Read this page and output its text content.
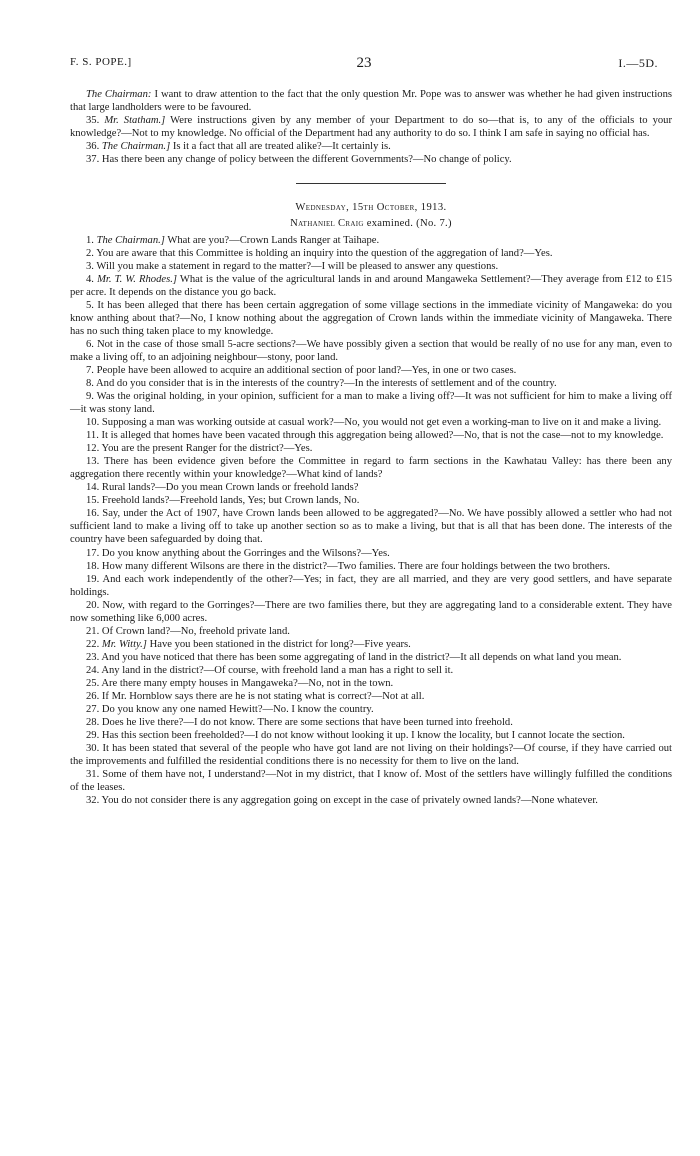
F. S. POPE.]	23	I.—5D.

The Chairman: I want to draw attention to the fact that the only question Mr. Pope was to answer was whether he had given instructions that large landholders were to be favoured.

35. Mr. Statham.] Were instructions given by any member of your Department to do so—that is, to any of the officials to your knowledge?—Not to my knowledge. No official of the Department had any authority to do so. I think I am safe in saying no official has.

36. The Chairman.] Is it a fact that all are treated alike?—It certainly is.

37. Has there been any change of policy between the different Governments?—No change of policy.

Wednesday, 15th October, 1913.

Nathaniel Craig examined. (No. 7.)

1. The Chairman.] What are you?—Crown Lands Ranger at Taihape.

2. You are aware that this Committee is holding an inquiry into the question of the aggregation of land?—Yes.

3. Will you make a statement in regard to the matter?—I will be pleased to answer any questions.

4. Mr. T. W. Rhodes.] What is the value of the agricultural lands in and around Mangaweka Settlement?—They average from £12 to £15 per acre. It depends on the distance you go back.

5. It has been alleged that there has been certain aggregation of some village sections in the immediate vicinity of Mangaweka: do you know anthing about that?—No, I know nothing about the aggregation of Crown lands within the immediate vicinity of Mangaweka. There has no such thing taken place to my knowledge.

6. Not in the case of those small 5-acre sections?—We have possibly given a section that would be really of no use for any man, even to make a living off, to an adjoining neighbour—stony, poor land.

7. People have been allowed to acquire an additional section of poor land?—Yes, in one or two cases.

8. And do you consider that is in the interests of the country?—In the interests of settlement and of the country.

9. Was the original holding, in your opinion, sufficient for a man to make a living off?—It was not sufficient for him to make a living off—it was stony land.

10. Supposing a man was working outside at casual work?—No, you would not get even a working-man to live on it and make a living.

11. It is alleged that homes have been vacated through this aggregation being allowed?—No, that is not the case—not to my knowledge.

12. You are the present Ranger for the district?—Yes.

13. There has been evidence given before the Committee in regard to farm sections in the Kawhatau Valley: has there been any aggregation there recently within your knowledge?—What kind of lands?

14. Rural lands?—Do you mean Crown lands or freehold lands?

15. Freehold lands?—Freehold lands, Yes; but Crown lands, No.

16. Say, under the Act of 1907, have Crown lands been allowed to be aggregated?—No. We have possibly allowed a settler who had not sufficient land to make a living off to take up another section so as to make a living, but that is all that has been done. The interests of the country have been safeguarded by doing that.

17. Do you know anything about the Gorringes and the Wilsons?—Yes.

18. How many different Wilsons are there in the district?—Two families. There are four holdings between the two brothers.

19. And each work independently of the other?—Yes; in fact, they are all married, and they are very good settlers, and have separate holdings.

20. Now, with regard to the Gorringes?—There are two families there, but they are aggregating land to a considerable extent. They have now something like 6,000 acres.

21. Of Crown land?—No, freehold private land.

22. Mr. Witty.] Have you been stationed in the district for long?—Five years.

23. And you have noticed that there has been some aggregating of land in the district?—It all depends on what land you mean.

24. Any land in the district?—Of course, with freehold land a man has a right to sell it.

25. Are there many empty houses in Mangaweka?—No, not in the town.

26. If Mr. Hornblow says there are he is not stating what is correct?—Not at all.

27. Do you know any one named Hewitt?—No. I know the country.

28. Does he live there?—I do not know. There are some sections that have been turned into freehold.

29. Has this section been freeholded?—I do not know without looking it up. I know the locality, but I cannot locate the section.

30. It has been stated that several of the people who have got land are not living on their holdings?—Of course, if they have carried out the improvements and fulfilled the residential conditions there is no necessity for them to live on the land.

31. Some of them have not, I understand?—Not in my district, that I know of. Most of the settlers have willingly fulfilled the conditions of the leases.

32. You do not consider there is any aggregation going on except in the case of privately owned lands?—None whatever.
